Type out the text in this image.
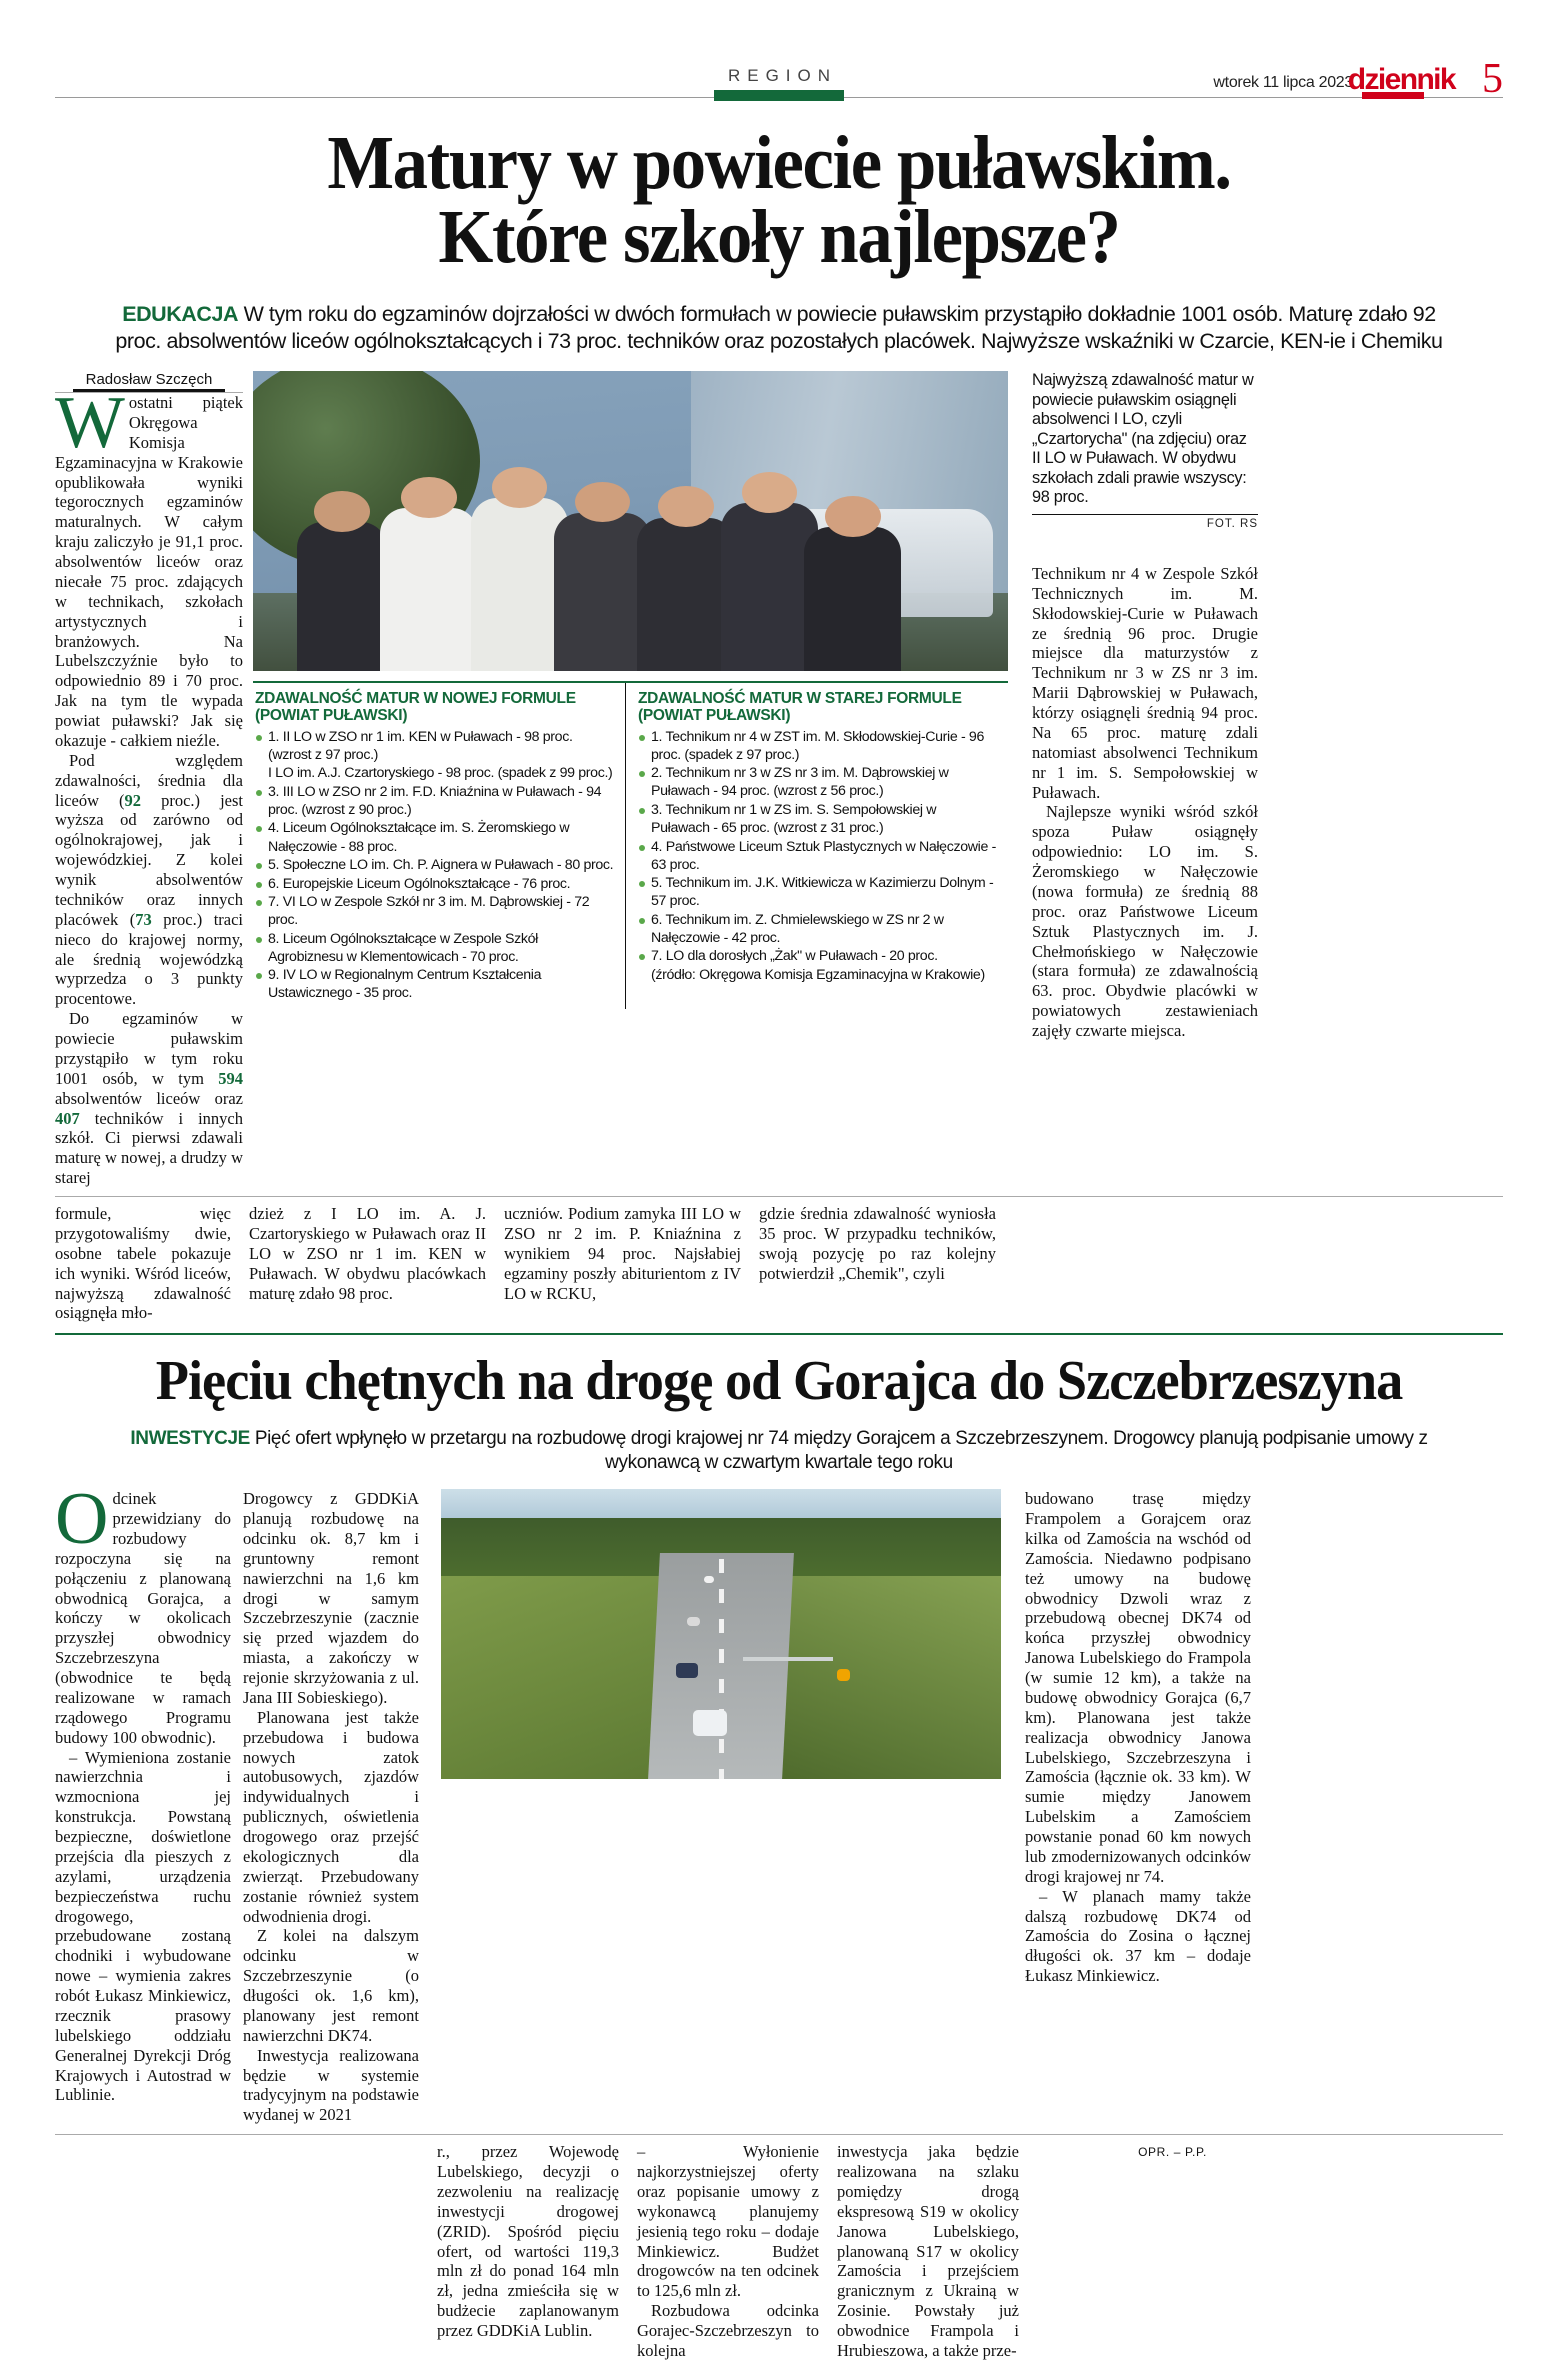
REGION	wtorek 11 lipca 2023
dziennik 5
Matury w powiecie puławskim.
Które szkoły najlepsze?
EDUKACJA W tym roku do egzaminów dojrzałości w dwóch formułach w powiecie puławskim przystąpiło dokładnie 1001 osób. Maturę zdało 92 proc. absolwentów liceów ogólnokształcących i 73 proc. techników oraz pozostałych placówek. Najwyższe wskaźniki w Czarcie, KEN-ie i Chemiku
Radosław Szczęch

Wostatni piątek Okręgowa Komisja Egzaminacyjna w Krakowie opublikowała wyniki tegorocznych egzaminów maturalnych. W całym kraju zaliczyło je 91,1 proc. absolwentów liceów oraz niecałe 75 proc. zdających w technikach, szkołach artystycznych i branżowych. Na Lubelszczyźnie było to odpowiednio 89 i 70 proc. Jak na tym tle wypada powiat puławski? Jak się okazuje - całkiem nieźle.

Pod względem zdawalności, średnia dla liceów (92 proc.) jest wyższa od zarówno od ogólnokrajowej, jak i wojewódzkiej. Z kolei wynik absolwentów techników oraz innych placówek (73 proc.) traci nieco do krajowej normy, ale średnią wojewódzką wyprzedza o 3 punkty procentowe.

Do egzaminów w powiecie puławskim przystąpiło w tym roku 1001 osób, w tym 594 absolwentów liceów oraz 407 techników i innych szkół. Ci pierwsi zdawali maturę w nowej, a drudzy w starej

ZDAWALNOŚĆ MATUR W NOWEJ FORMULE
(POWIAT PUŁAWSKI)
1. II LO w ZSO nr 1 im. KEN w Puławach - 98 proc. (wzrost z 97 proc.)
I LO im. A.J. Czartoryskiego - 98 proc. (spadek z 99 proc.)
3. III LO w ZSO nr 2 im. F.D. Kniaźnina w Puławach - 94 proc. (wzrost z 90 proc.)
4. Liceum Ogólnokształcące im. S. Żeromskiego w Nałęczowie - 88 proc.
5. Społeczne LO im. Ch. P. Aignera w Puławach - 80 proc.
6. Europejskie Liceum Ogólnokształcące - 76 proc.
7. VI LO w Zespole Szkół nr 3 im. M. Dąbrowskiej - 72 proc.
8. Liceum Ogólnokształcące w Zespole Szkół Agrobiznesu w Klementowicach - 70 proc.
9. IV LO w Regionalnym Centrum Kształcenia Ustawicznego - 35 proc.
ZDAWALNOŚĆ MATUR W STAREJ FORMULE
(POWIAT PUŁAWSKI)
1. Technikum nr 4 w ZST im. M. Skłodowskiej-Curie - 96 proc. (spadek z 97 proc.)
2. Technikum nr 3 w ZS nr 3 im. M. Dąbrowskiej w Puławach - 94 proc. (wzrost z 56 proc.)
3. Technikum nr 1 w ZS im. S. Sempołowskiej w Puławach - 65 proc. (wzrost z 31 proc.)
4. Państwowe Liceum Sztuk Plastycznych w Nałęczowie - 63 proc.
5. Technikum im. J.K. Witkiewicza w Kazimierzu Dolnym - 57 proc.
6. Technikum im. Z. Chmielewskiego w ZS nr 2 w Nałęczowie - 42 proc.
7. LO dla dorosłych „Żak" w Puławach - 20 proc.
(źródło: Okręgowa Komisja Egzaminacyjna w Krakowie)
Najwyższą zdawalność matur w powiecie puławskim osiągnęli absolwenci I LO, czyli „Czartorycha" (na zdjęciu) oraz II LO w Puławach. W obydwu szkołach zdali prawie wszyscy: 98 proc.
FOT. RS

Technikum nr 4 w Zespole Szkół Technicznych im. M. Skłodowskiej-Curie w Puławach ze średnią 96 proc. Drugie miejsce dla maturzystów z Technikum nr 3 w ZS nr 3 im. Marii Dąbrowskiej w Puławach, którzy osiągnęli średnią 94 proc. Na 65 proc. maturę zdali natomiast absolwenci Technikum nr 1 im. S. Sempołowskiej w Puławach.

Najlepsze wyniki wśród szkół spoza Puław osiągnęły odpowiednio: LO im. S. Żeromskiego w Nałęczowie (nowa formuła) ze średnią 88 proc. oraz Państwowe Liceum Sztuk Plastycznych im. J. Chełmońskiego w Nałęczowie (stara formuła) ze zdawalnością 63. proc. Obydwie placówki w powiatowych zestawieniach zajęły czwarte miejsca.

formule, więc przygotowaliśmy dwie, osobne tabele pokazuje ich wyniki. Wśród liceów, najwyższą zdawalność osiągnęła mło-
dzież z I LO im. A. J. Czartoryskiego w Puławach oraz II LO w ZSO nr 1 im. KEN w Puławach. W obydwu placówkach maturę zdało 98 proc.
uczniów. Podium zamyka III LO w ZSO nr 2 im. P. Kniaźnina z wynikiem 94 proc. Najsłabiej egzaminy poszły abiturientom z IV LO w RCKU,
gdzie średnia zdawalność wyniosła 35 proc. W przypadku techników, swoją pozycję po raz kolejny potwierdził „Chemik", czyli
Pięciu chętnych na drogę od Gorajca do Szczebrzeszyna
INWESTYCJE Pięć ofert wpłynęło w przetargu na rozbudowę drogi krajowej nr 74 między Gorajcem a Szczebrzeszynem. Drogowcy planują podpisanie umowy z wykonawcą w czwartym kwartale tego roku

Odcinek przewidziany do rozbudowy rozpoczyna się na połączeniu z planowaną obwodnicą Gorajca, a kończy w okolicach przyszłej obwodnicy Szczebrzeszyna (obwodnice te będą realizowane w ramach rządowego Programu budowy 100 obwodnic).

– Wymieniona zostanie nawierzchnia i wzmocniona jej konstrukcja. Powstaną bezpieczne, doświetlone przejścia dla pieszych z azylami, urządzenia bezpieczeństwa ruchu drogowego, przebudowane zostaną chodniki i wybudowane nowe – wymienia zakres robót Łukasz Minkiewicz, rzecznik prasowy lubelskiego oddziału Generalnej Dyrekcji Dróg Krajowych i Autostrad w Lublinie.

Drogowcy z GDDKiA planują rozbudowę na odcinku ok. 8,7 km i gruntowny remont nawierzchni na 1,6 km drogi w samym Szczebrzeszynie (zacznie się przed wjazdem do miasta, a zakończy w rejonie skrzyżowania z ul. Jana III Sobieskiego).

Planowana jest także przebudowa i budowa nowych zatok autobusowych, zjazdów indywidualnych i publicznych, oświetlenia drogowego oraz przejść ekologicznych dla zwierząt. Przebudowany zostanie również system odwodnienia drogi.

Z kolei na dalszym odcinku w Szczebrzeszynie (o długości ok. 1,6 km), planowany jest remont nawierzchni DK74.

Inwestycja realizowana będzie w systemie tradycyjnym na podstawie wydanej w 2021

budowano trasę między Frampolem a Gorajcem oraz kilka od Zamościa na wschód od Zamościa. Niedawno podpisano też umowy na budowę obwodnicy Dzwoli wraz z przebudową obecnej DK74 od końca przyszłej obwodnicy Janowa Lubelskiego do Frampola (w sumie 12 km), a także na budowę obwodnicy Gorajca (6,7 km). Planowana jest także realizacja obwodnicy Janowa Lubelskiego, Szczebrzeszyna i Zamościa (łącznie ok. 33 km). W sumie między Janowem Lubelskim a Zamościem powstanie ponad 60 km nowych lub zmodernizowanych odcinków drogi krajowej nr 74.

– W planach mamy także dalszą rozbudowę DK74 od Zamościa do Zosina o łącznej długości ok. 37 km – dodaje Łukasz Minkiewicz.

r., przez Wojewodę Lubelskiego, decyzji o zezwoleniu na realizację inwestycji drogowej (ZRID). Spośród pięciu ofert, od wartości 119,3 mln zł do ponad 164 mln zł, jedna zmieściła się w budżecie zaplanowanym przez GDDKiA Lublin.

– Wyłonienie najkorzystniejszej oferty oraz popisanie umowy z wykonawcą planujemy jesienią tego roku – dodaje Minkiewicz. Budżet drogowców na ten odcinek to 125,6 mln zł.

Rozbudowa odcinka Gorajec-Szczebrzeszyn to kolejna

inwestycja jaka będzie realizowana na szlaku pomiędzy drogą ekspresową S19 w okolicy Janowa Lubelskiego, planowaną S17 w okolicy Zamościa i przejściem granicznym z Ukrainą w Zosinie. Powstały już obwodnice Frampola i Hrubieszowa, a także prze-
OPR. – P.P.
